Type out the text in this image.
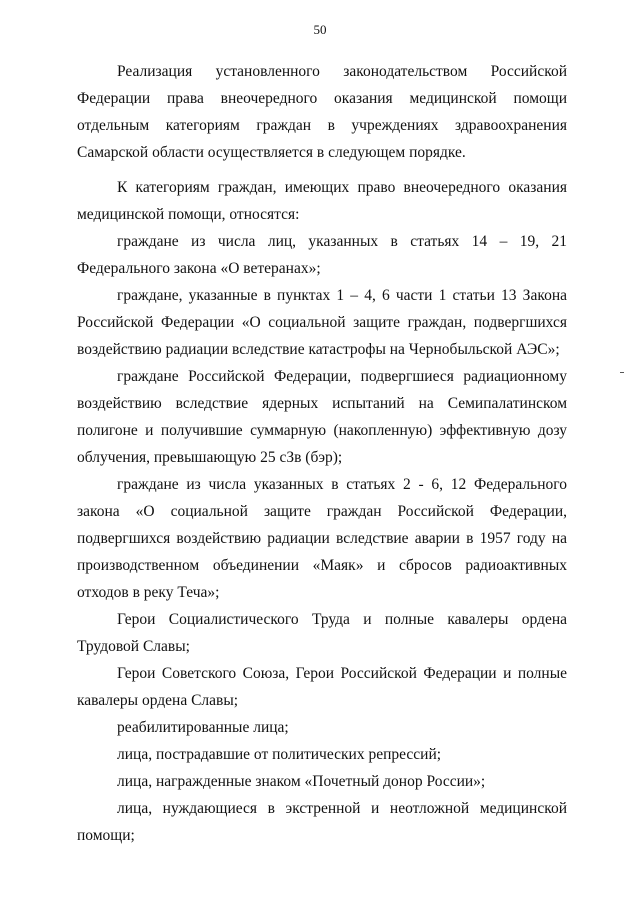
50

Реализация установленного законодательством Российской Федерации права внеочередного оказания медицинской помощи отдельным категориям граждан в учреждениях здравоохранения Самарской области осуществляется в следующем порядке.

К категориям граждан, имеющих право внеочередного оказания медицинской помощи, относятся:

граждане из числа лиц, указанных в статьях 14 – 19, 21 Федерального закона «О ветеранах»;

граждане, указанные в пунктах 1 – 4, 6 части 1 статьи 13 Закона Российской Федерации «О социальной защите граждан, подвергшихся воздействию радиации вследствие катастрофы на Чернобыльской АЭС»;

граждане Российской Федерации, подвергшиеся радиационному воздействию вследствие ядерных испытаний на Семипалатинском полигоне и получившие суммарную (накопленную) эффективную дозу облучения, превышающую 25 сЗв (бэр);

граждане из числа указанных в статьях 2 - 6, 12 Федерального закона «О социальной защите граждан Российской Федерации, подвергшихся воздействию радиации вследствие аварии в 1957 году на производственном объединении «Маяк» и сбросов радиоактивных отходов в реку Теча»;

Герои Социалистического Труда и полные кавалеры ордена Трудовой Славы;

Герои Советского Союза, Герои Российской Федерации и полные кавалеры ордена Славы;

реабилитированные лица;

лица, пострадавшие от политических репрессий;

лица, награжденные знаком «Почетный донор России»;

лица, нуждающиеся в экстренной и неотложной медицинской помощи;
